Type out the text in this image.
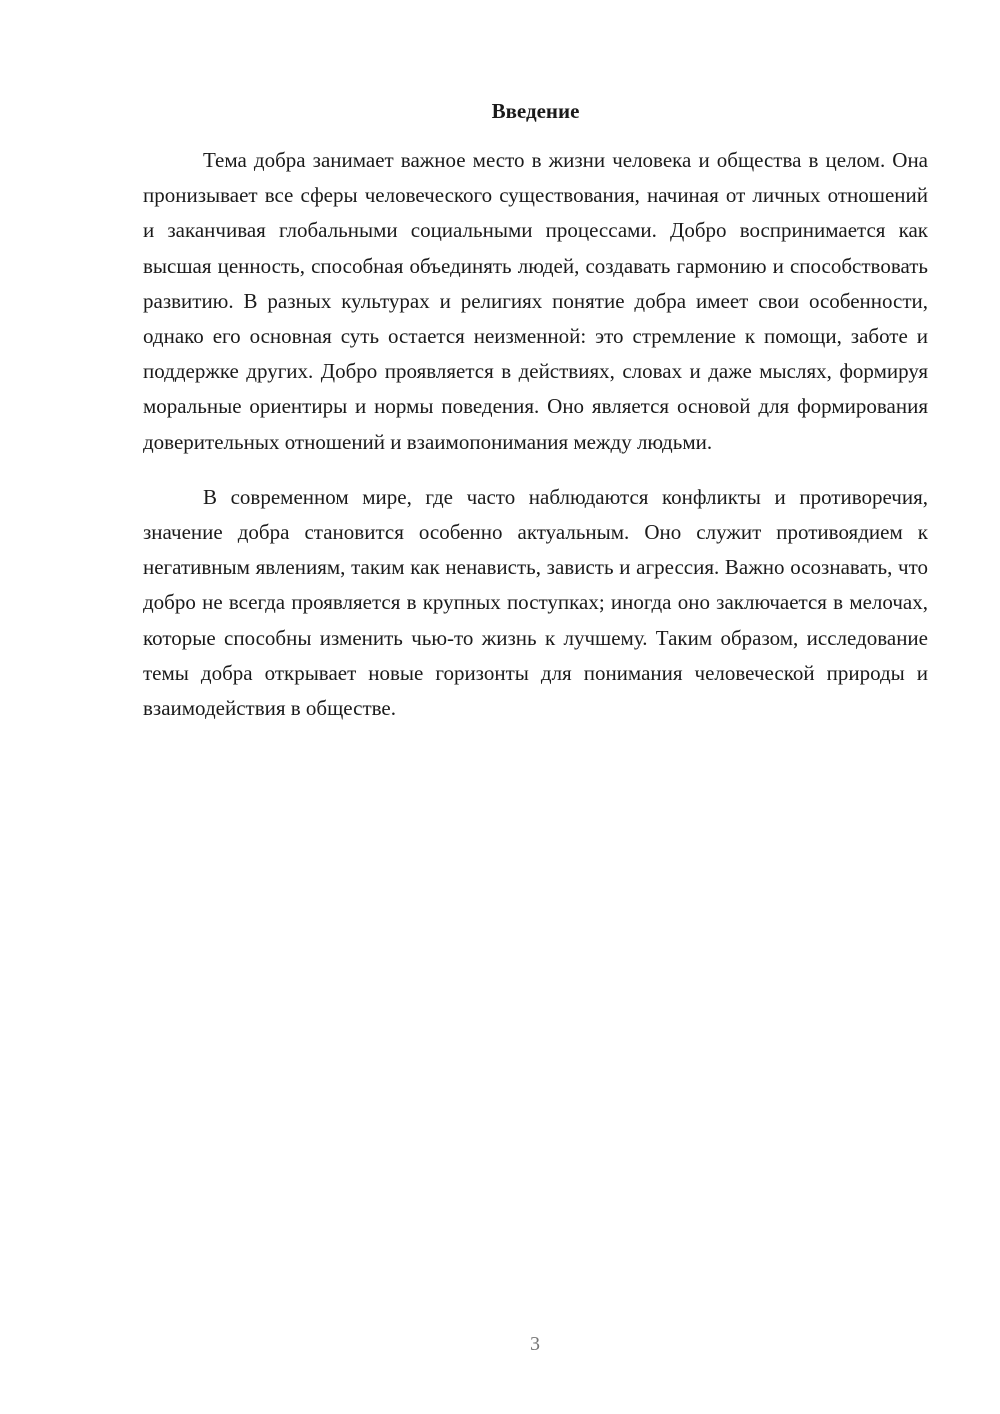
Введение

Тема добра занимает важное место в жизни человека и общества в целом. Она пронизывает все сферы человеческого существования, начиная от личных отношений и заканчивая глобальными социальными процессами. Добро воспринимается как высшая ценность, способная объединять людей, создавать гармонию и способствовать развитию. В разных культурах и религиях понятие добра имеет свои особенности, однако его основная суть остается неизменной: это стремление к помощи, заботе и поддержке других. Добро проявляется в действиях, словах и даже мыслях, формируя моральные ориентиры и нормы поведения. Оно является основой для формирования доверительных отношений и взаимопонимания между людьми.

В современном мире, где часто наблюдаются конфликты и противоречия, значение добра становится особенно актуальным. Оно служит противоядием к негативным явлениям, таким как ненависть, зависть и агрессия. Важно осознавать, что добро не всегда проявляется в крупных поступках; иногда оно заключается в мелочах, которые способны изменить чью-то жизнь к лучшему. Таким образом, исследование темы добра открывает новые горизонты для понимания человеческой природы и взаимодействия в обществе.

3
